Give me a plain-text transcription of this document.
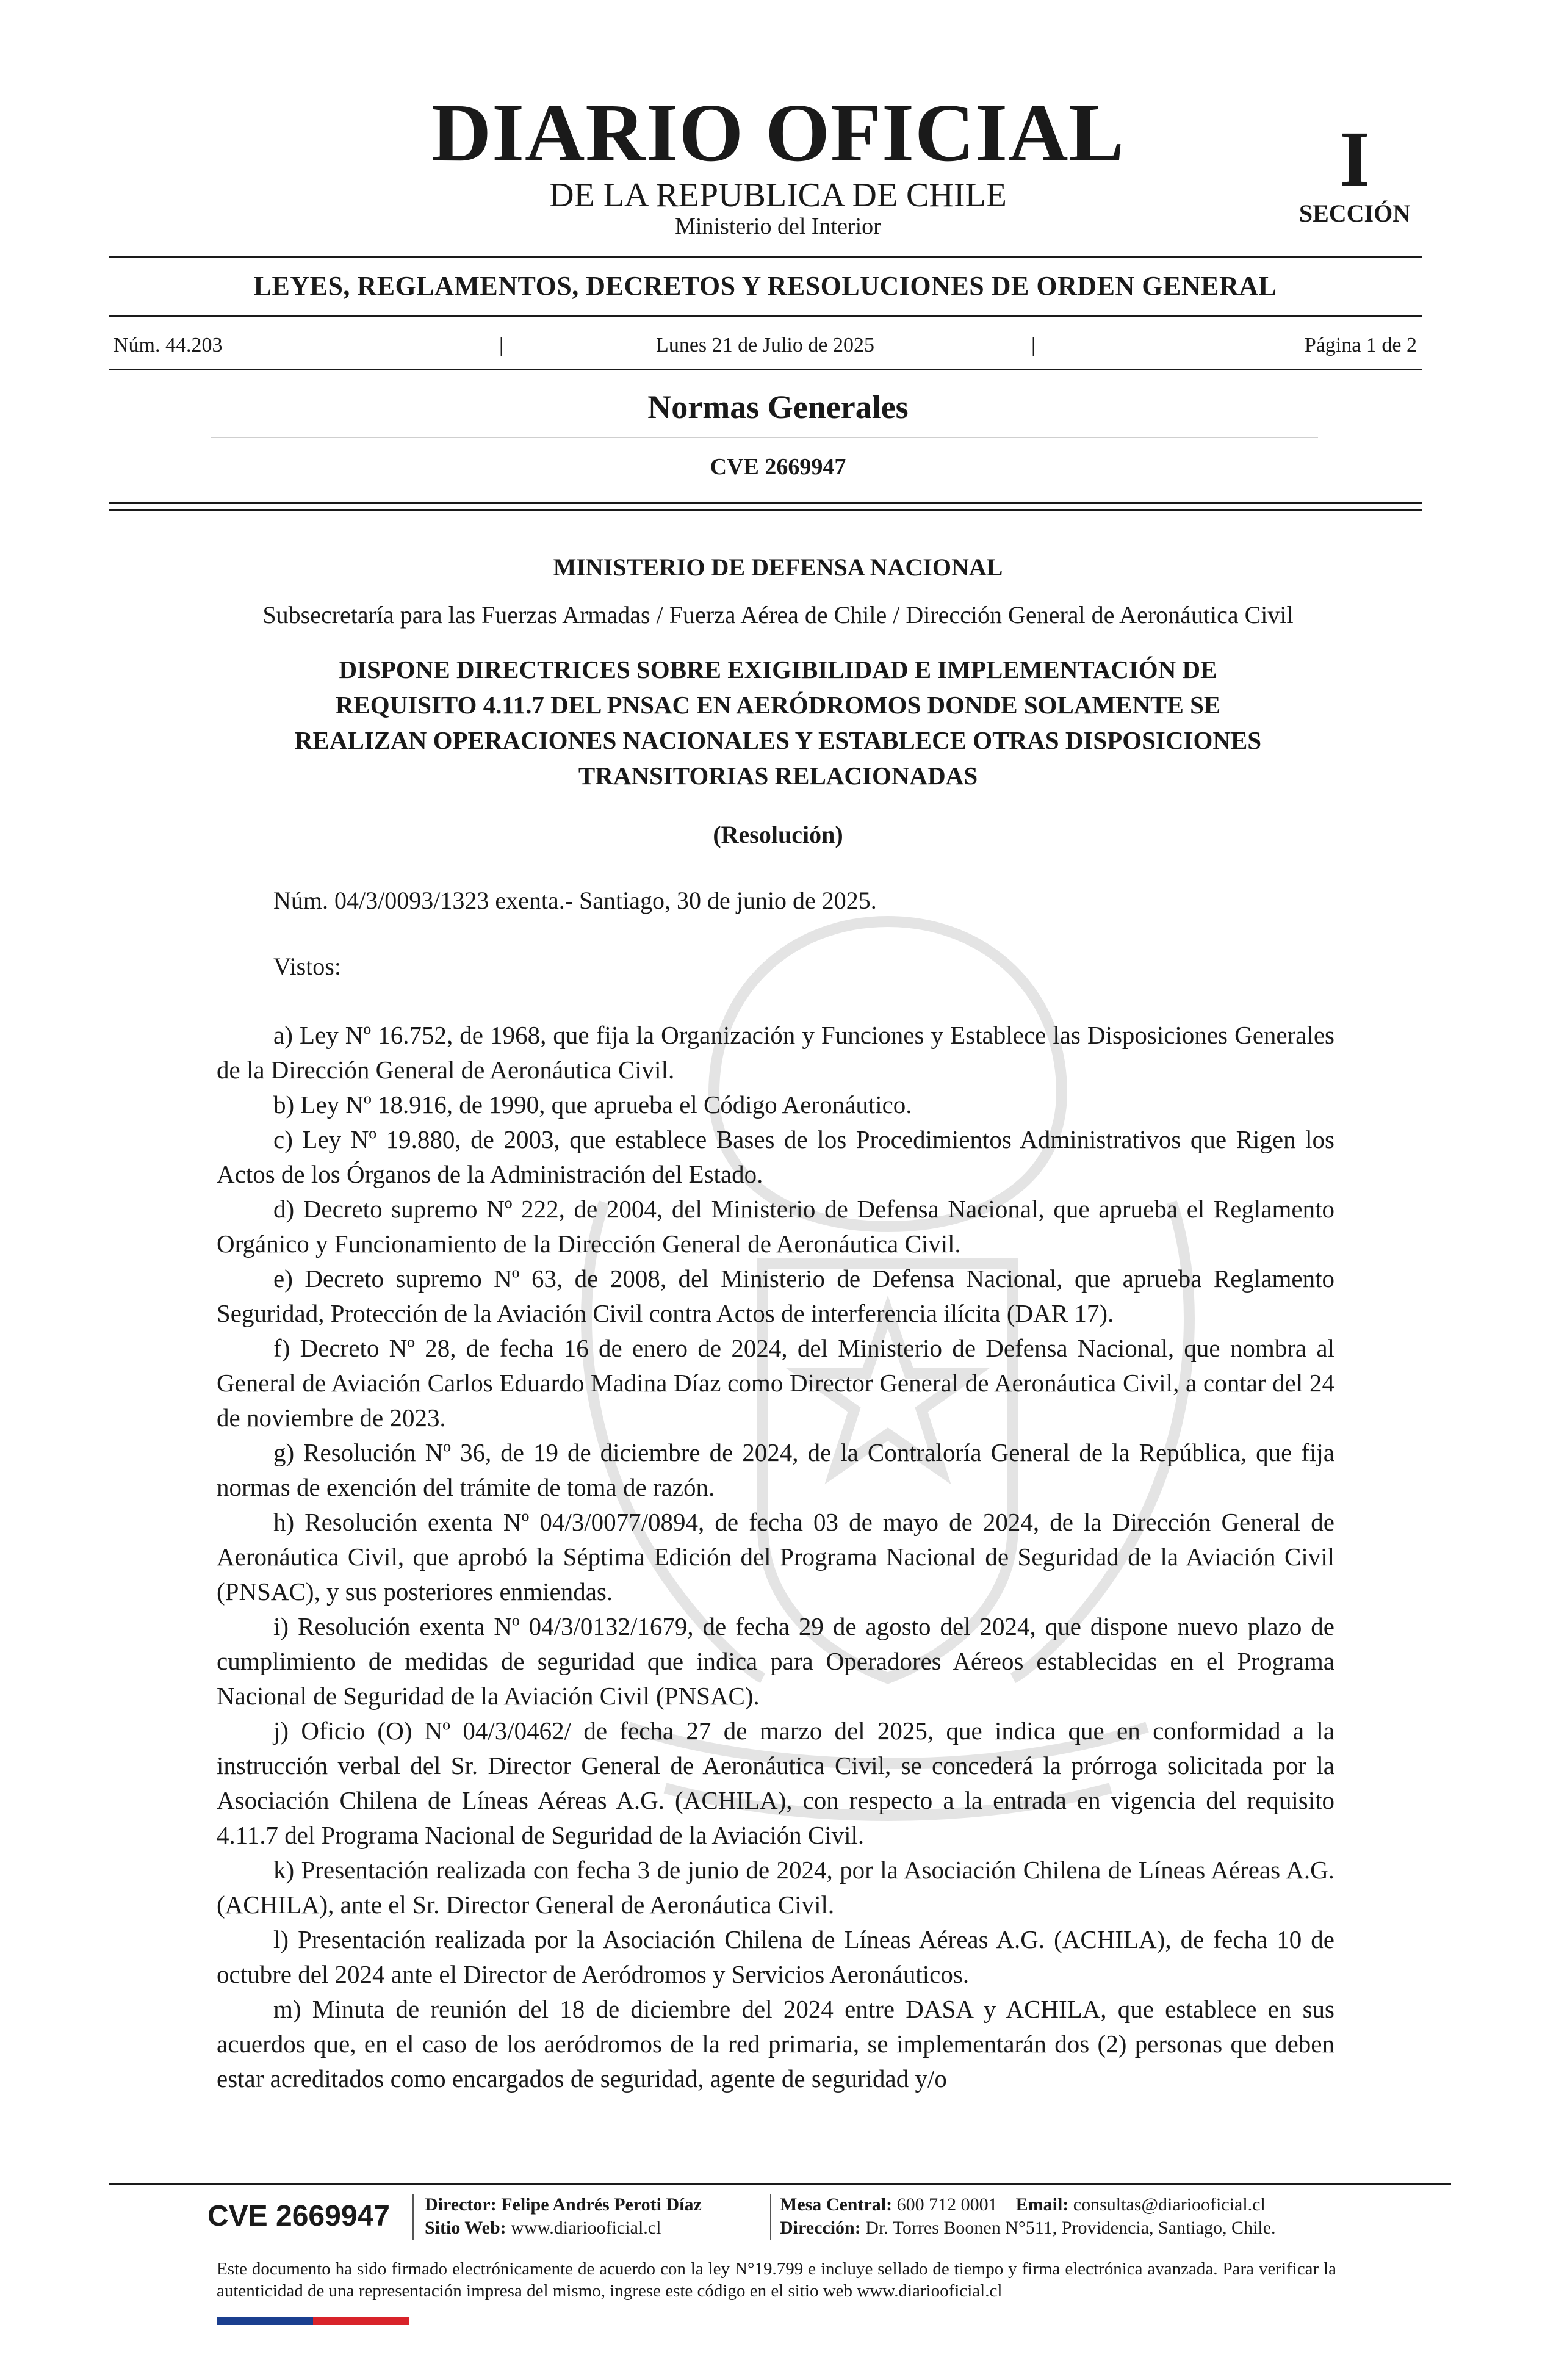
DIARIO OFICIAL
DE LA REPUBLICA DE CHILE
Ministerio del Interior
I
SECCIÓN
LEYES, REGLAMENTOS, DECRETOS Y RESOLUCIONES DE ORDEN GENERAL
Núm. 44.203	|	Lunes 21 de Julio de 2025	|	Página 1 de 2
Normas Generales
CVE 2669947
MINISTERIO DE DEFENSA NACIONAL
Subsecretaría para las Fuerzas Armadas / Fuerza Aérea de Chile / Dirección General de Aeronáutica Civil
DISPONE DIRECTRICES SOBRE EXIGIBILIDAD E IMPLEMENTACIÓN DE
REQUISITO 4.11.7 DEL PNSAC EN AERÓDROMOS DONDE SOLAMENTE SE
REALIZAN OPERACIONES NACIONALES Y ESTABLECE OTRAS DISPOSICIONES
TRANSITORIAS RELACIONADAS
(Resolución)
Núm. 04/3/0093/1323 exenta.- Santiago, 30 de junio de 2025.
Vistos:

a) Ley Nº 16.752, de 1968, que fija la Organización y Funciones y Establece las Disposiciones Generales de la Dirección General de Aeronáutica Civil.

b) Ley Nº 18.916, de 1990, que aprueba el Código Aeronáutico.

c) Ley Nº 19.880, de 2003, que establece Bases de los Procedimientos Administrativos que Rigen los Actos de los Órganos de la Administración del Estado.

d) Decreto supremo Nº 222, de 2004, del Ministerio de Defensa Nacional, que aprueba el Reglamento Orgánico y Funcionamiento de la Dirección General de Aeronáutica Civil.

e) Decreto supremo Nº 63, de 2008, del Ministerio de Defensa Nacional, que aprueba Reglamento Seguridad, Protección de la Aviación Civil contra Actos de interferencia ilícita (DAR 17).

f) Decreto Nº 28, de fecha 16 de enero de 2024, del Ministerio de Defensa Nacional, que nombra al General de Aviación Carlos Eduardo Madina Díaz como Director General de Aeronáutica Civil, a contar del 24 de noviembre de 2023.

g) Resolución Nº 36, de 19 de diciembre de 2024, de la Contraloría General de la República, que fija normas de exención del trámite de toma de razón.

h) Resolución exenta Nº 04/3/0077/0894, de fecha 03 de mayo de 2024, de la Dirección General de Aeronáutica Civil, que aprobó la Séptima Edición del Programa Nacional de Seguridad de la Aviación Civil (PNSAC), y sus posteriores enmiendas.

i) Resolución exenta Nº 04/3/0132/1679, de fecha 29 de agosto del 2024, que dispone nuevo plazo de cumplimiento de medidas de seguridad que indica para Operadores Aéreos establecidas en el Programa Nacional de Seguridad de la Aviación Civil (PNSAC).

j) Oficio (O) Nº 04/3/0462/ de fecha 27 de marzo del 2025, que indica que en conformidad a la instrucción verbal del Sr. Director General de Aeronáutica Civil, se concederá la prórroga solicitada por la Asociación Chilena de Líneas Aéreas A.G. (ACHILA), con respecto a la entrada en vigencia del requisito 4.11.7 del Programa Nacional de Seguridad de la Aviación Civil.

k) Presentación realizada con fecha 3 de junio de 2024, por la Asociación Chilena de Líneas Aéreas A.G. (ACHILA), ante el Sr. Director General de Aeronáutica Civil.

l) Presentación realizada por la Asociación Chilena de Líneas Aéreas A.G. (ACHILA), de fecha 10 de octubre del 2024 ante el Director de Aeródromos y Servicios Aeronáuticos.

m) Minuta de reunión del 18 de diciembre del 2024 entre DASA y ACHILA, que establece en sus acuerdos que, en el caso de los aeródromos de la red primaria, se implementarán dos (2) personas que deben estar acreditados como encargados de seguridad, agente de seguridad y/o

CVE 2669947 Director: Felipe Andrés Peroti Díaz
Sitio Web: www.diariooficial.cl
Mesa Central: 600 712 0001 Email: consultas@diariooficial.cl
Dirección: Dr. Torres Boonen N°511, Providencia, Santiago, Chile.
Este documento ha sido firmado electrónicamente de acuerdo con la ley N°19.799 e incluye sellado de tiempo y firma electrónica avanzada. Para verificar la autenticidad de una representación impresa del mismo, ingrese este código en el sitio web www.diariooficial.cl
